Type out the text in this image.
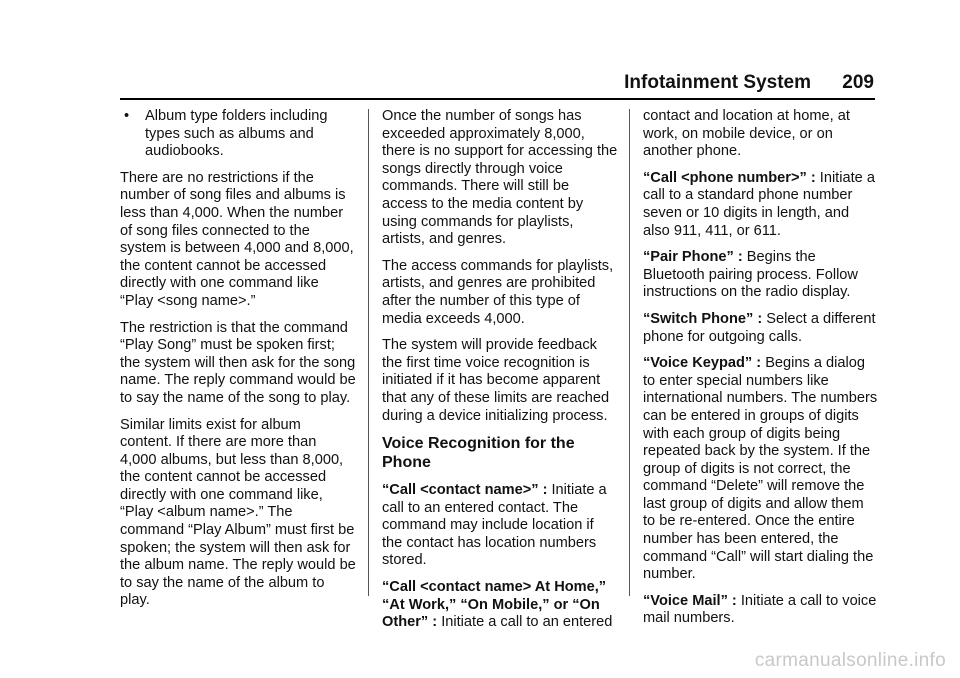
Infotainment System 209
• Album type folders including types such as albums and audiobooks.

There are no restrictions if the number of song files and albums is less than 4,000. When the number of song files connected to the system is between 4,000 and 8,000, the content cannot be accessed directly with one command like “Play <song name>.”

The restriction is that the command “Play Song” must be spoken first; the system will then ask for the song name. The reply command would be to say the name of the song to play.

Similar limits exist for album content. If there are more than 4,000 albums, but less than 8,000, the content cannot be accessed directly with one command like, “Play <album name>.” The command “Play Album” must first be spoken; the system will then ask for the album name. The reply would be to say the name of the album to play.

Once the number of songs has exceeded approximately 8,000, there is no support for accessing the songs directly through voice commands. There will still be access to the media content by using commands for playlists, artists, and genres.

The access commands for playlists, artists, and genres are prohibited after the number of this type of media exceeds 4,000.

The system will provide feedback the first time voice recognition is initiated if it has become apparent that any of these limits are reached during a device initializing process.

Voice Recognition for the Phone

“Call <contact name>” : Initiate a call to an entered contact. The command may include location if the contact has location numbers stored.

“Call <contact name> At Home,” “At Work,” “On Mobile,” or “On Other” : Initiate a call to an entered

contact and location at home, at work, on mobile device, or on another phone.

“Call <phone number>” : Initiate a call to a standard phone number seven or 10 digits in length, and also 911, 411, or 611.

“Pair Phone” : Begins the Bluetooth pairing process. Follow instructions on the radio display.

“Switch Phone” : Select a different phone for outgoing calls.

“Voice Keypad” : Begins a dialog to enter special numbers like international numbers. The numbers can be entered in groups of digits with each group of digits being repeated back by the system. If the group of digits is not correct, the command “Delete” will remove the last group of digits and allow them to be re-entered. Once the entire number has been entered, the command “Call” will start dialing the number.

“Voice Mail” : Initiate a call to voice mail numbers.

carmanualsonline.info
